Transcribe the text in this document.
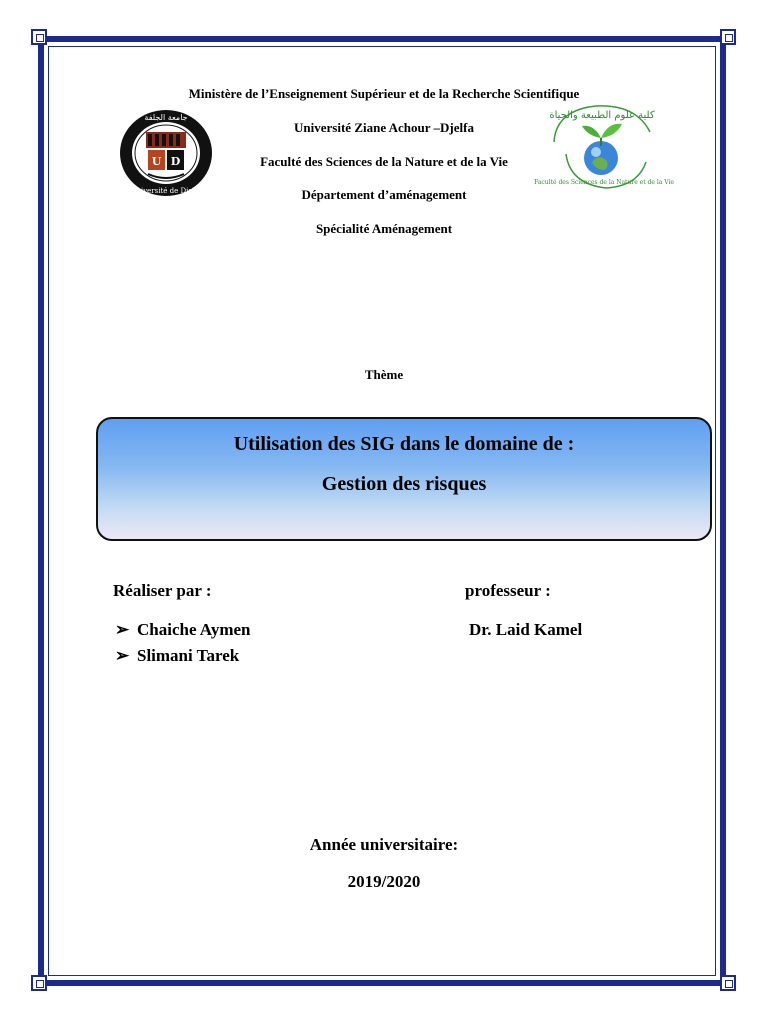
Ministère de l’Enseignement Supérieur et de la Recherche Scientifique
Université Ziane Achour –Djelfa
Faculté des Sciences de la Nature et de la Vie
Département d’aménagement
Spécialité Aménagement
U D
Université de Djelfa
جامعة الجلفة	كلية علوم الطبيعة والحياة
Faculté des Sciences de la Nature et de la Vie
Thème
Utilisation des SIG dans le domaine de :
Gestion des risques
Réaliser par :	professeur :
➢ Chaiche Aymen
➢ Slimani Tarek
Dr. Laid Kamel
Année universitaire:
2019/2020
